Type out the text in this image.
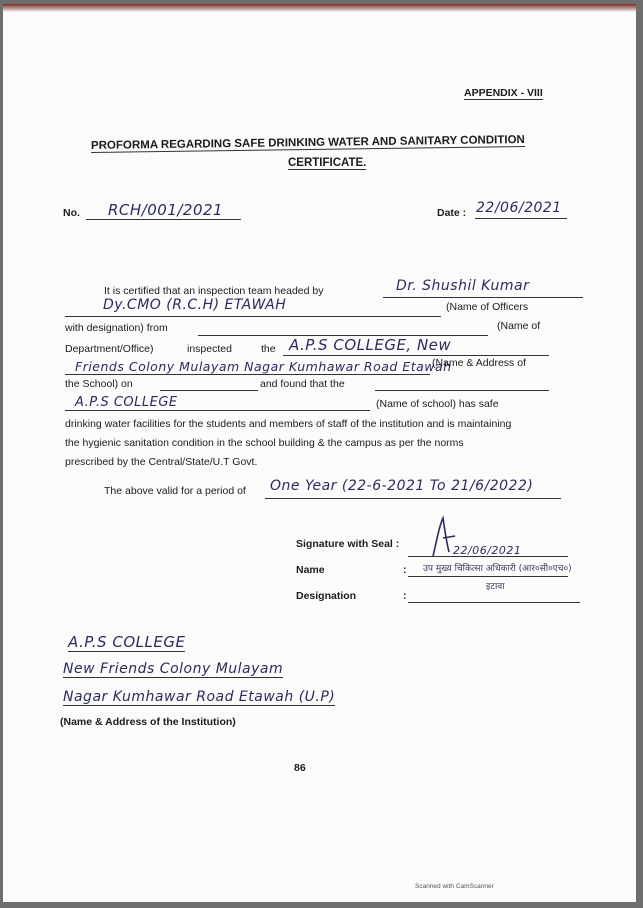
APPENDIX - VIII
PROFORMA REGARDING SAFE DRINKING WATER AND SANITARY CONDITION
CERTIFICATE.
No. RCH/001/2021	Date : 22/06/2021
It is certified that an inspection team headed by	Dr. Shushil Kumar
Dy.CMO (R.C.H) ETAWAH	(Name of Officers
with designation) from	(Name of
Department/Office)	inspected	the A.P.S COLLEGE, New
Friends Colony Mulayam Nagar Kumhawar Road Etawah
(Name & Address of
the School) on	and found that the
A.P.S COLLEGE	(Name of school) has safe
drinking water facilities for the students and members of staff of the institution and is maintaining
the hygienic sanitation condition in the school building & the campus as per the norms
prescribed by the Central/State/U.T Govt.
The above valid for a period of One Year (22-6-2021 To 21/6/2022)
Signature with Seal :	22/06/2021
Name	: उप मुख्य चिकित्सा अधिकारी (आर०सी०एच०)
इटावा
Designation	:
A.P.S COLLEGE
New Friends Colony Mulayam
Nagar Kumhawar Road Etawah (U.P)
(Name & Address of the Institution)
86
Scanned with CamScanner
